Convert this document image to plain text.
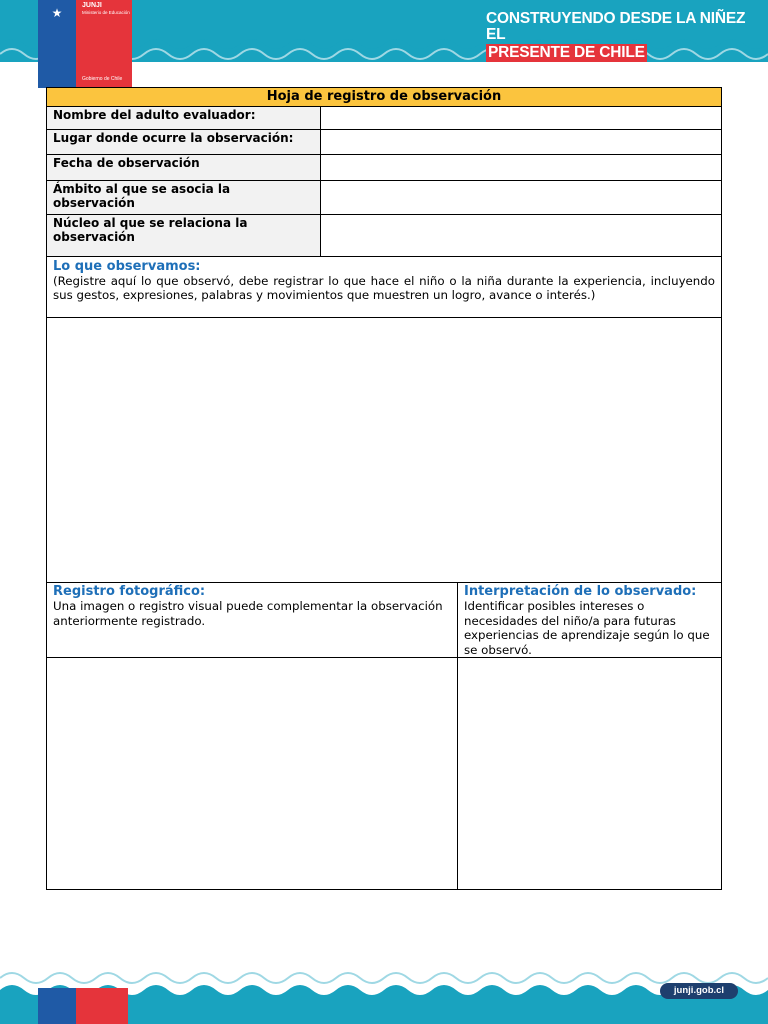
★
JUNJI
Ministerio de Educación
Gobierno de Chile
CONSTRUYENDO DESDE LA NIÑEZ EL
PRESENTE DE CHILE
Hoja de registro de observación
Nombre del adulto evaluador:
Lugar donde ocurre la observación:
Fecha de observación
Ámbito al que se asocia la observación
Núcleo al que se relaciona la observación
Lo que observamos:
(Registre aquí lo que observó, debe registrar lo que hace el niño o la niña durante la experiencia, incluyendo sus gestos, expresiones, palabras y movimientos que muestren un logro, avance o interés.)
Registro fotográfico:
Una imagen o registro visual puede complementar la observación anteriormente registrado.
Interpretación de lo observado:  Identificar posibles intereses o necesidades del niño/a para futuras experiencias de aprendizaje según lo que se observó.
junji.gob.cl
